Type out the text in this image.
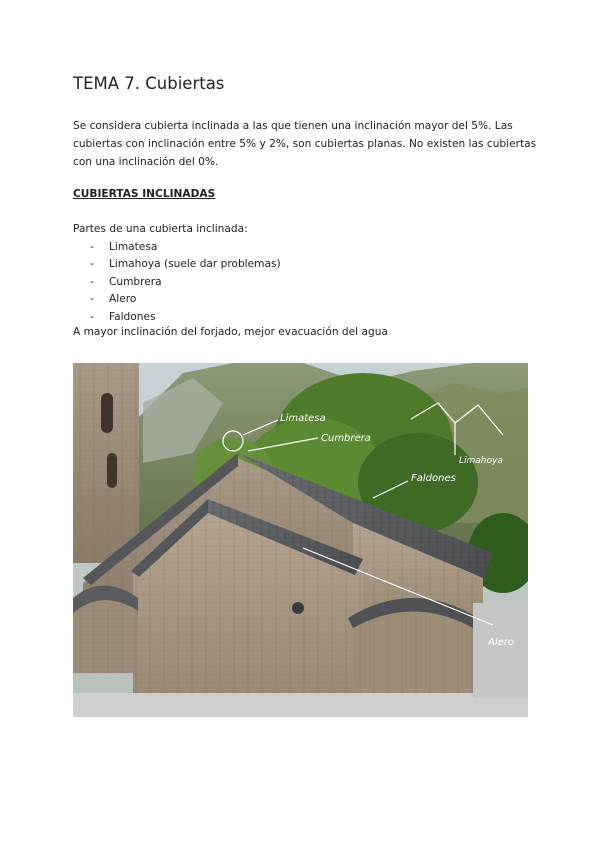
TEMA 7. Cubiertas

Se considera cubierta inclinada a las que tienen una inclinación mayor del 5%. Las cubiertas con inclinación entre 5% y 2%, son cubiertas planas. No existen las cubiertas con una inclinación del 0%.

CUBIERTAS INCLINADAS

Partes de una cubierta inclinada:

- Limatesa
- Limahoya (suele dar problemas)
- Cumbrera
- Alero
- Faldones

A mayor inclinación del forjado, mejor evacuación del agua

Limatesa
Cumbrera
Faldones
Limahoya
Alero
